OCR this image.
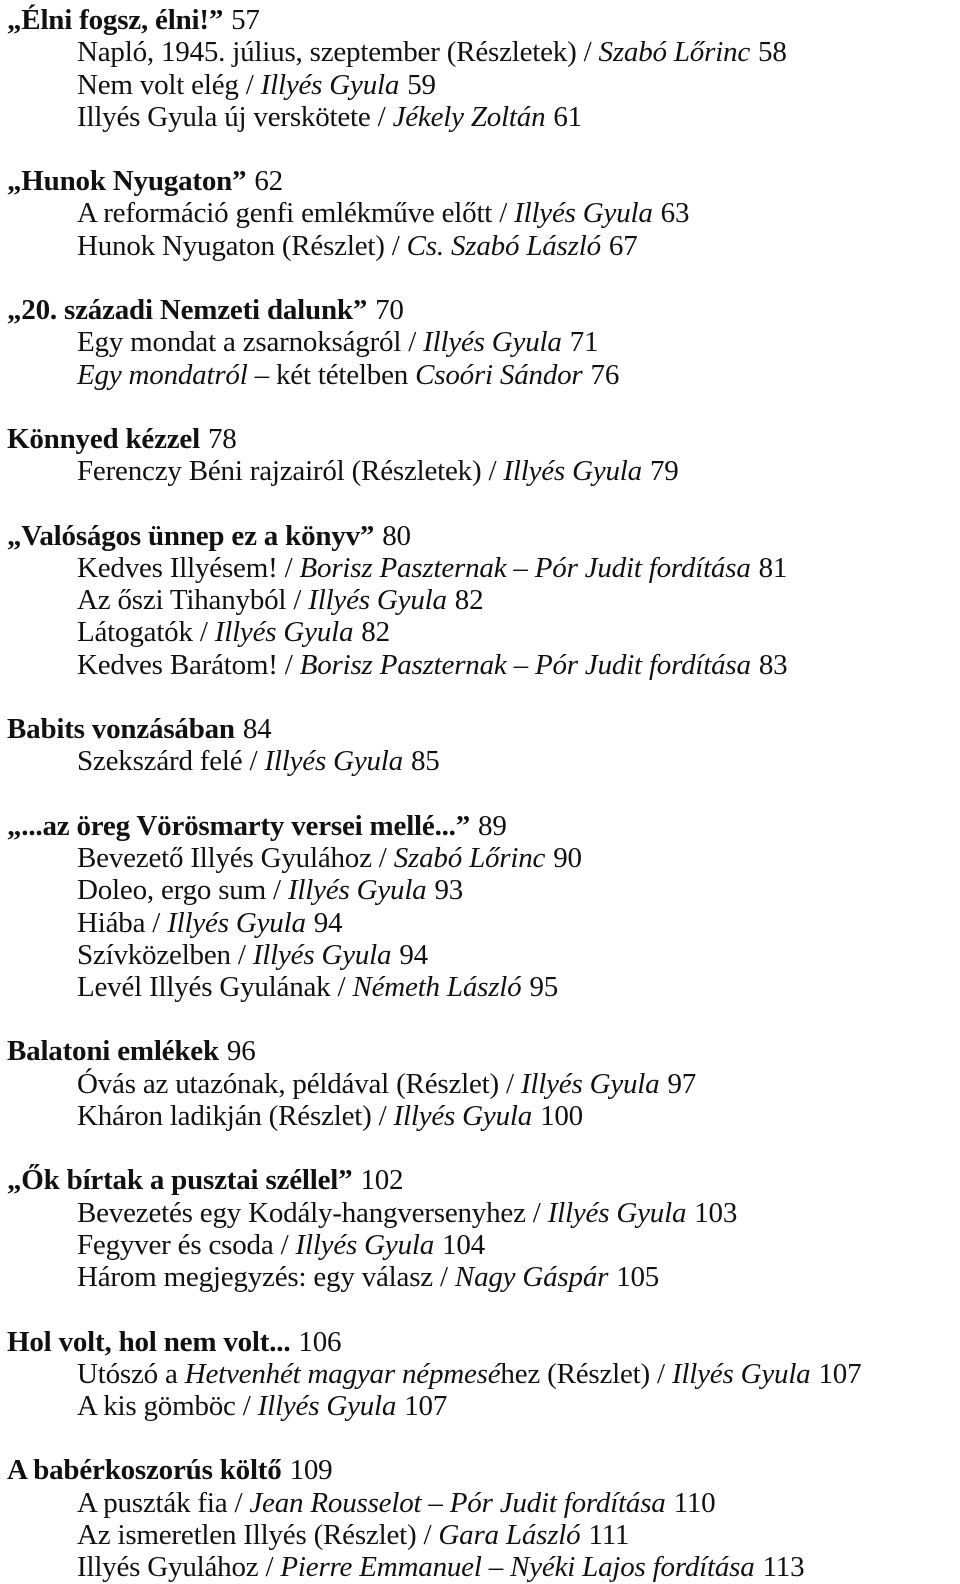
„Élni fogsz, élni!” 57
Napló, 1945. július, szeptember (Részletek) / Szabó Lőrinc 58
Nem volt elég / Illyés Gyula 59
Illyés Gyula új verskötete / Jékely Zoltán 61
„Hunok Nyugaton” 62
A reformáció genfi emlékműve előtt / Illyés Gyula 63
Hunok Nyugaton (Részlet) / Cs. Szabó László 67
„20. századi Nemzeti dalunk” 70
Egy mondat a zsarnokságról / Illyés Gyula 71
Egy mondatról – két tételben Csoóri Sándor 76
Könnyed kézzel 78
Ferenczy Béni rajzairól (Részletek) / Illyés Gyula 79
„Valóságos ünnep ez a könyv” 80
Kedves Illyésem! / Borisz Paszternak – Pór Judit fordítása 81
Az őszi Tihanyból / Illyés Gyula 82
Látogatók / Illyés Gyula 82
Kedves Barátom! / Borisz Paszternak – Pór Judit fordítása 83
Babits vonzásában 84
Szekszárd felé / Illyés Gyula 85
„...az öreg Vörösmarty versei mellé...” 89
Bevezető Illyés Gyulához / Szabó Lőrinc 90
Doleo, ergo sum / Illyés Gyula 93
Hiába / Illyés Gyula 94
Szívközelben / Illyés Gyula 94
Levél Illyés Gyulának / Németh László 95
Balatoni emlékek 96
Óvás az utazónak, példával (Részlet) / Illyés Gyula 97
Kháron ladikján (Részlet) / Illyés Gyula 100
„Ők bírtak a pusztai széllel” 102
Bevezetés egy Kodály-hangversenyhez / Illyés Gyula 103
Fegyver és csoda / Illyés Gyula 104
Három megjegyzés: egy válasz / Nagy Gáspár 105
Hol volt, hol nem volt... 106
Utószó a Hetvenhét magyar népmeséhez (Részlet) / Illyés Gyula 107
A kis gömböc / Illyés Gyula 107
A babérkoszorús költő 109
A puszták fia / Jean Rousselot – Pór Judit fordítása 110
Az ismeretlen Illyés (Részlet) / Gara László 111
Illyés Gyulához / Pierre Emmanuel – Nyéki Lajos fordítása 113
